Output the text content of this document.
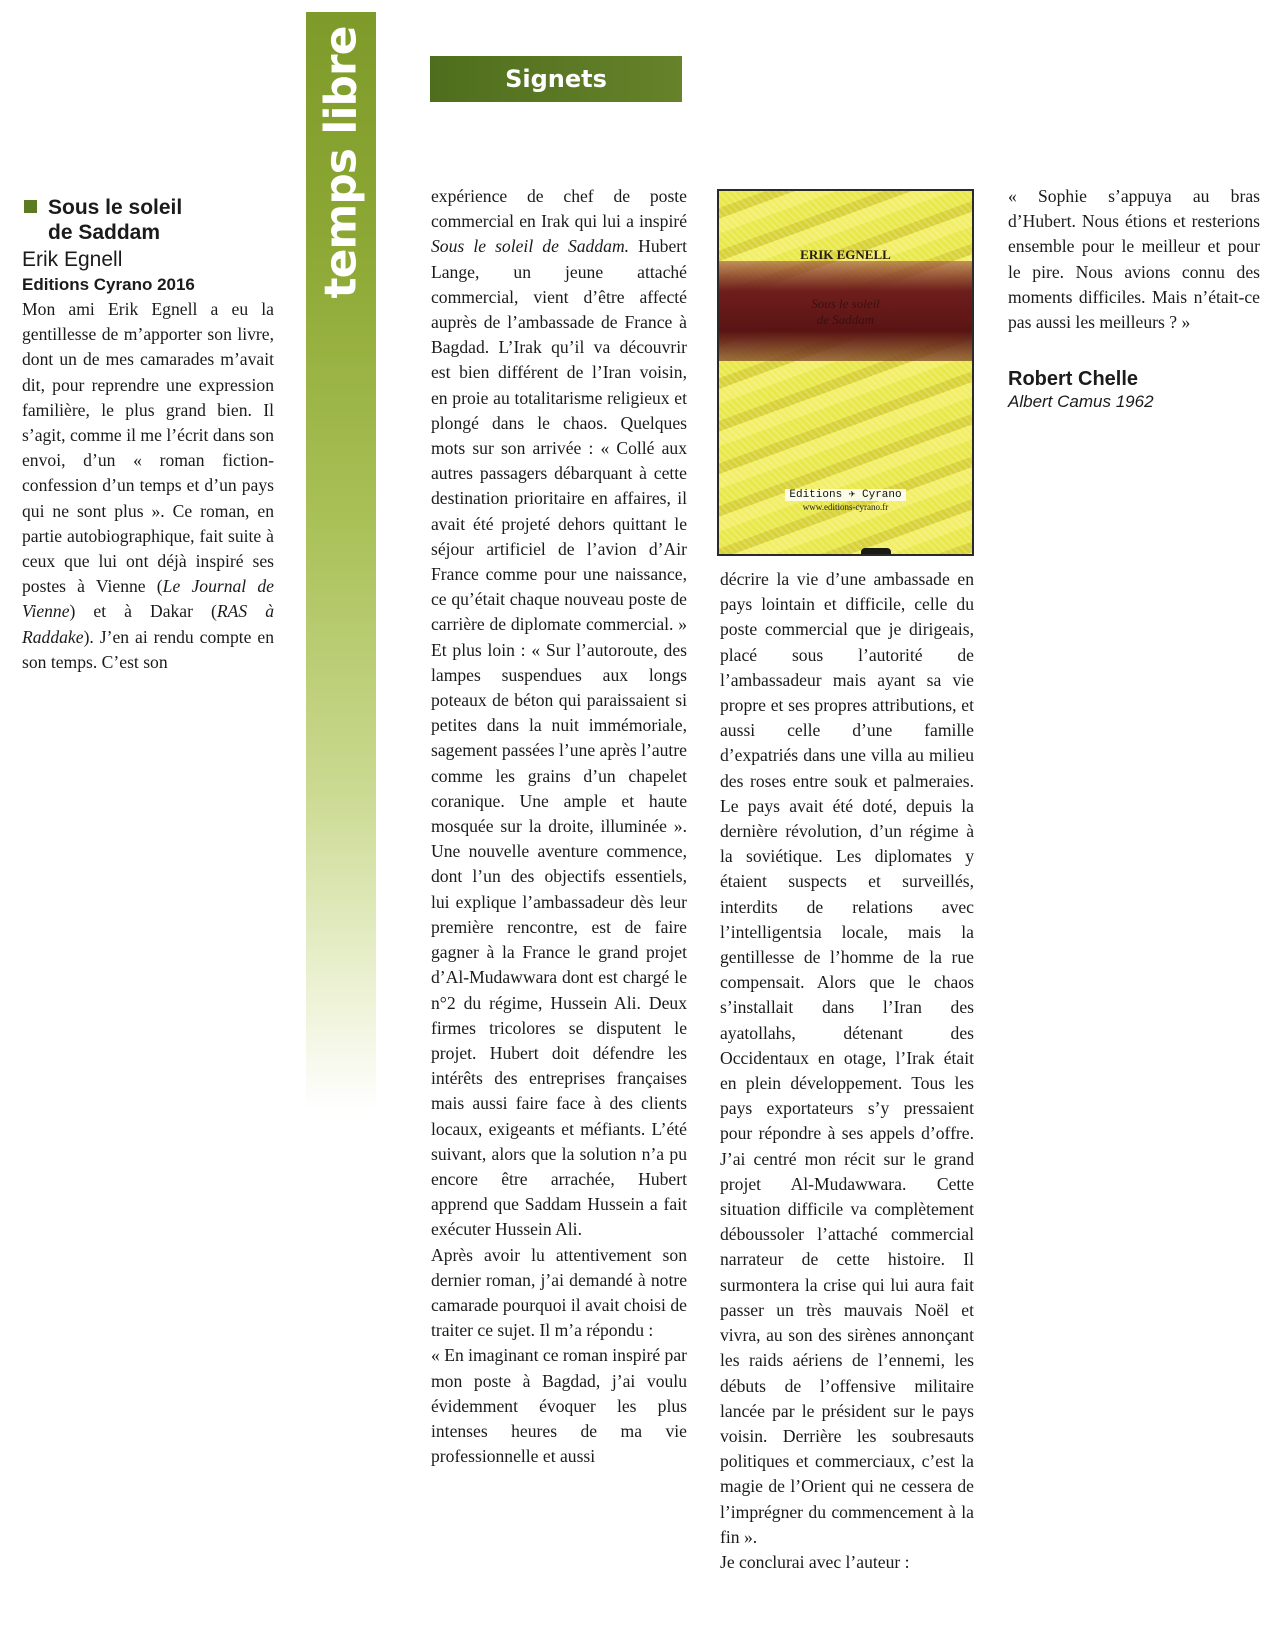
temps libre	Signets

Sous le soleil
de Saddam

Erik Egnell

Editions Cyrano 2016

Mon ami Erik Egnell a eu la gentillesse de m’apporter son livre, dont un de mes camarades m’avait dit, pour reprendre une expression familière, le plus grand bien. Il s’agit, comme il me l’écrit dans son envoi, d’un « roman fiction-confession d’un temps et d’un pays qui ne sont plus ». Ce roman, en partie autobiographique, fait suite à ceux que lui ont déjà inspiré ses postes à Vienne (Le Journal de Vienne) et à Dakar (RAS à Raddake). J’en ai rendu compte en son temps. C’est son

expérience de chef de poste commercial en Irak qui lui a inspiré Sous le soleil de Saddam. Hubert Lange, un jeune attaché commercial, vient d’être affecté auprès de l’ambassade de France à Bagdad. L’Irak qu’il va découvrir est bien différent de l’Iran voisin, en proie au totalitarisme religieux et plongé dans le chaos. Quelques mots sur son arrivée : « Collé aux autres passagers débarquant à cette destination prioritaire en affaires, il avait été projeté dehors quittant le séjour artificiel de l’avion d’Air France comme pour une naissance, ce qu’était chaque nouveau poste de carrière de diplomate commercial. » Et plus loin : « Sur l’autoroute, des lampes suspendues aux longs poteaux de béton qui paraissaient si petites dans la nuit immémoriale, sagement passées l’une après l’autre comme les grains d’un chapelet coranique. Une ample et haute mosquée sur la droite, illuminée ». Une nouvelle aventure commence, dont l’un des objectifs essentiels, lui explique l’ambassadeur dès leur première rencontre, est de faire gagner à la France le grand projet d’Al-Mudawwara dont est chargé le n°2 du régime, Hussein Ali. Deux firmes tricolores se disputent le projet. Hubert doit défendre les intérêts des entreprises françaises mais aussi faire face à des clients locaux, exigeants et méfiants. L’été suivant, alors que la solution n’a pu encore être arrachée, Hubert apprend que Saddam Hussein a fait exécuter Hussein Ali.

Après avoir lu attentivement son dernier roman, j’ai demandé à notre camarade pourquoi il avait choisi de traiter ce sujet. Il m’a répondu :

« En imaginant ce roman inspiré par mon poste à Bagdad, j’ai voulu évidemment évoquer les plus intenses heures de ma vie professionnelle et aussi

ERIK EGNELL
Sous le soleil
de Saddam
Editions ✈ Cyrano
www.editions-cyrano.fr

décrire la vie d’une ambassade en pays lointain et difficile, celle du poste commercial que je dirigeais, placé sous l’autorité de l’ambassadeur mais ayant sa vie propre et ses propres attributions, et aussi celle d’une famille d’expatriés dans une villa au milieu des roses entre souk et palmeraies. Le pays avait été doté, depuis la dernière révolution, d’un régime à la soviétique. Les diplomates y étaient suspects et surveillés, interdits de relations avec l’intelligentsia locale, mais la gentillesse de l’homme de la rue compensait. Alors que le chaos s’installait dans l’Iran des ayatollahs, détenant des Occidentaux en otage, l’Irak était en plein développement. Tous les pays exportateurs s’y pressaient pour répondre à ses appels d’offre. J’ai centré mon récit sur le grand projet Al-Mudawwara. Cette situation difficile va complètement déboussoler l’attaché commercial narrateur de cette histoire. Il surmontera la crise qui lui aura fait passer un très mauvais Noël et vivra, au son des sirènes annonçant les raids aériens de l’ennemi, les débuts de l’offensive militaire lancée par le président sur le pays voisin. Derrière les soubresauts politiques et commerciaux, c’est la magie de l’Orient qui ne cessera de l’imprégner du commencement à la fin ».

Je conclurai avec l’auteur :

« Sophie s’appuya au bras d’Hubert. Nous étions et resterions ensemble pour le meilleur et pour le pire. Nous avions connu des moments difficiles. Mais n’était-ce pas aussi les meilleurs ? »

Robert Chelle

Albert Camus 1962
